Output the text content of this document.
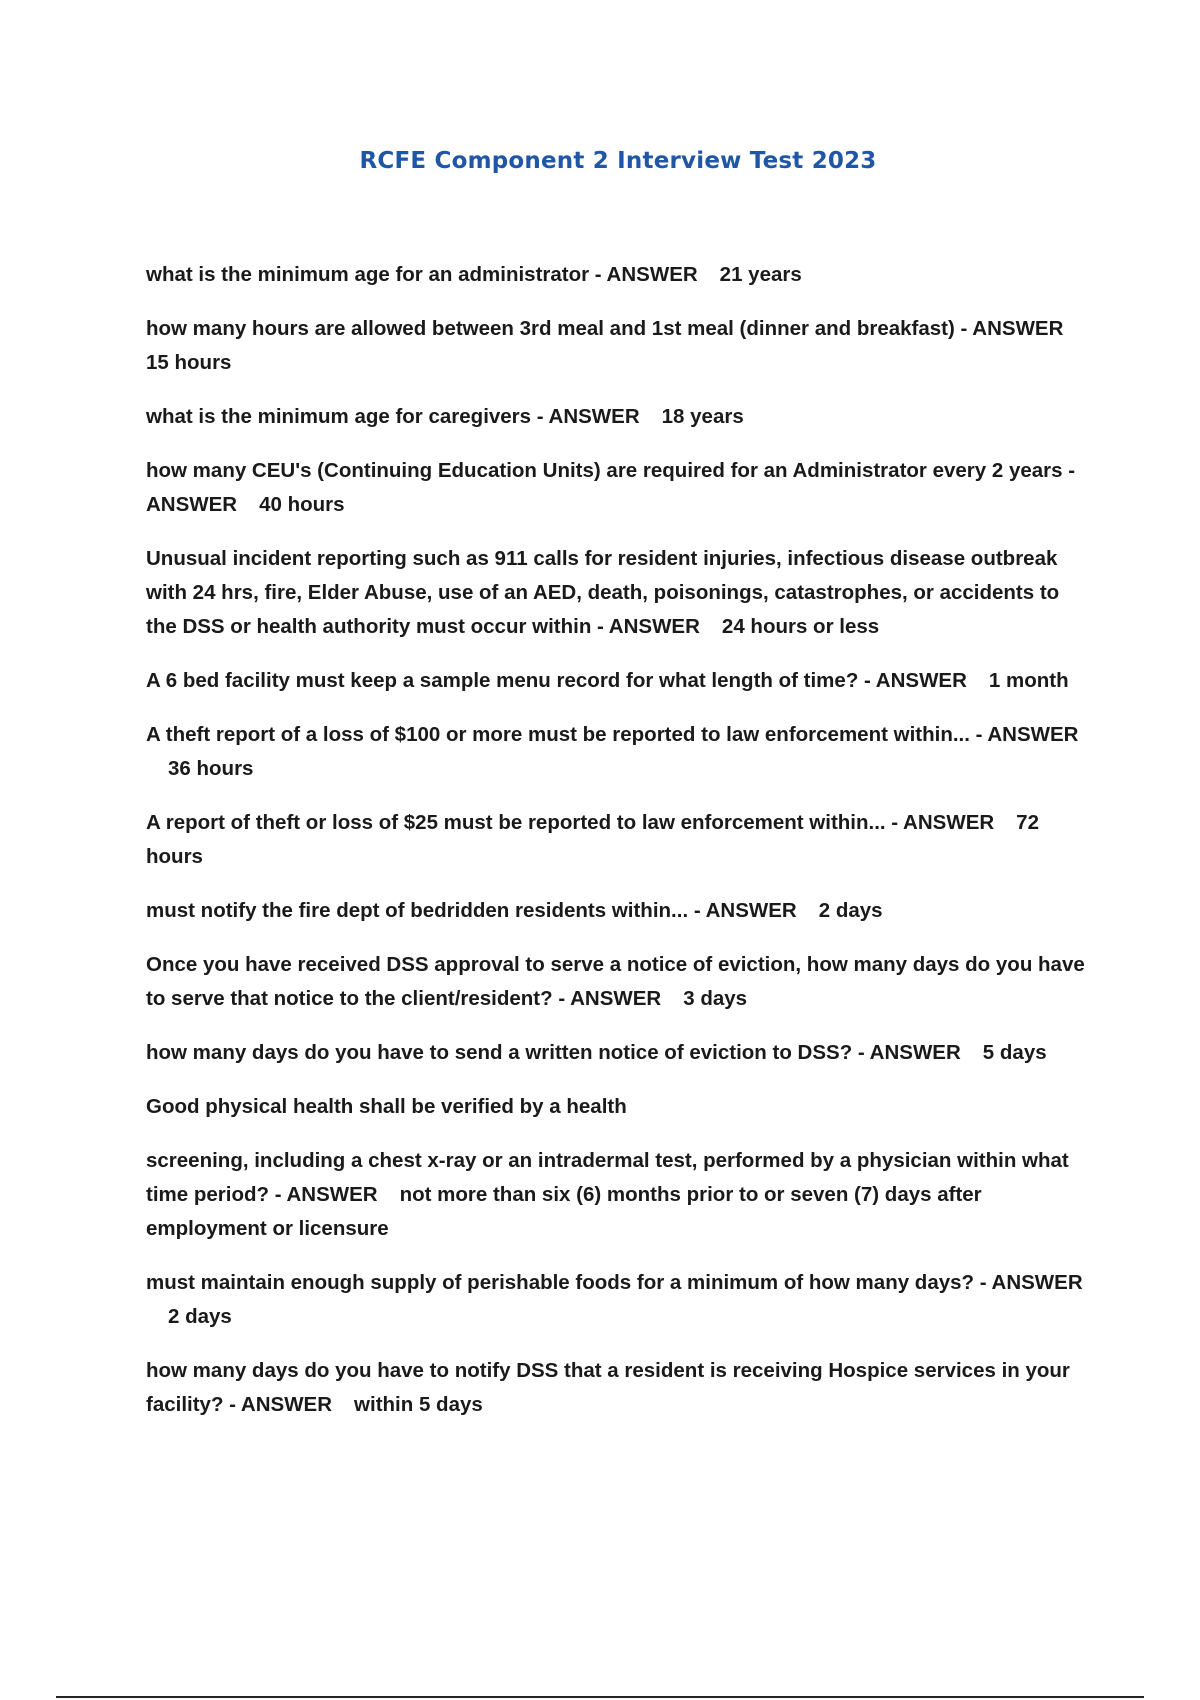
RCFE Component 2 Interview Test 2023

what is the minimum age for an administrator - ANSWER 21 years

how many hours are allowed between 3rd meal and 1st meal (dinner and breakfast) - ANSWER15 hours

what is the minimum age for caregivers - ANSWER 18 years

how many CEU's (Continuing Education Units) are required for an Administrator every 2 years - ANSWER 40 hours

Unusual incident reporting such as 911 calls for resident injuries, infectious disease outbreak with 24 hrs, fire, Elder Abuse, use of an AED, death, poisonings, catastrophes, or accidents to the DSS or health authority must occur within - ANSWER 24 hours or less

A 6 bed facility must keep a sample menu record for what length of time? - ANSWER 1 month

A theft report of a loss of $100 or more must be reported to law enforcement within... - ANSWER36 hours

A report of theft or loss of $25 must be reported to law enforcement within... - ANSWER 72 hours

must notify the fire dept of bedridden residents within... - ANSWER 2 days

Once you have received DSS approval to serve a notice of eviction, how many days do you have to serve that notice to the client/resident? - ANSWER 3 days

how many days do you have to send a written notice of eviction to DSS? - ANSWER 5 days

Good physical health shall be verified by a health

screening, including a chest x-ray or an intradermal test, performed by a physician within what time period? - ANSWER not more than six (6) months prior to or seven (7) days after employment or licensure

must maintain enough supply of perishable foods for a minimum of how many days? - ANSWER2 days

how many days do you have to notify DSS that a resident is receiving Hospice services in your facility? - ANSWER within 5 days
